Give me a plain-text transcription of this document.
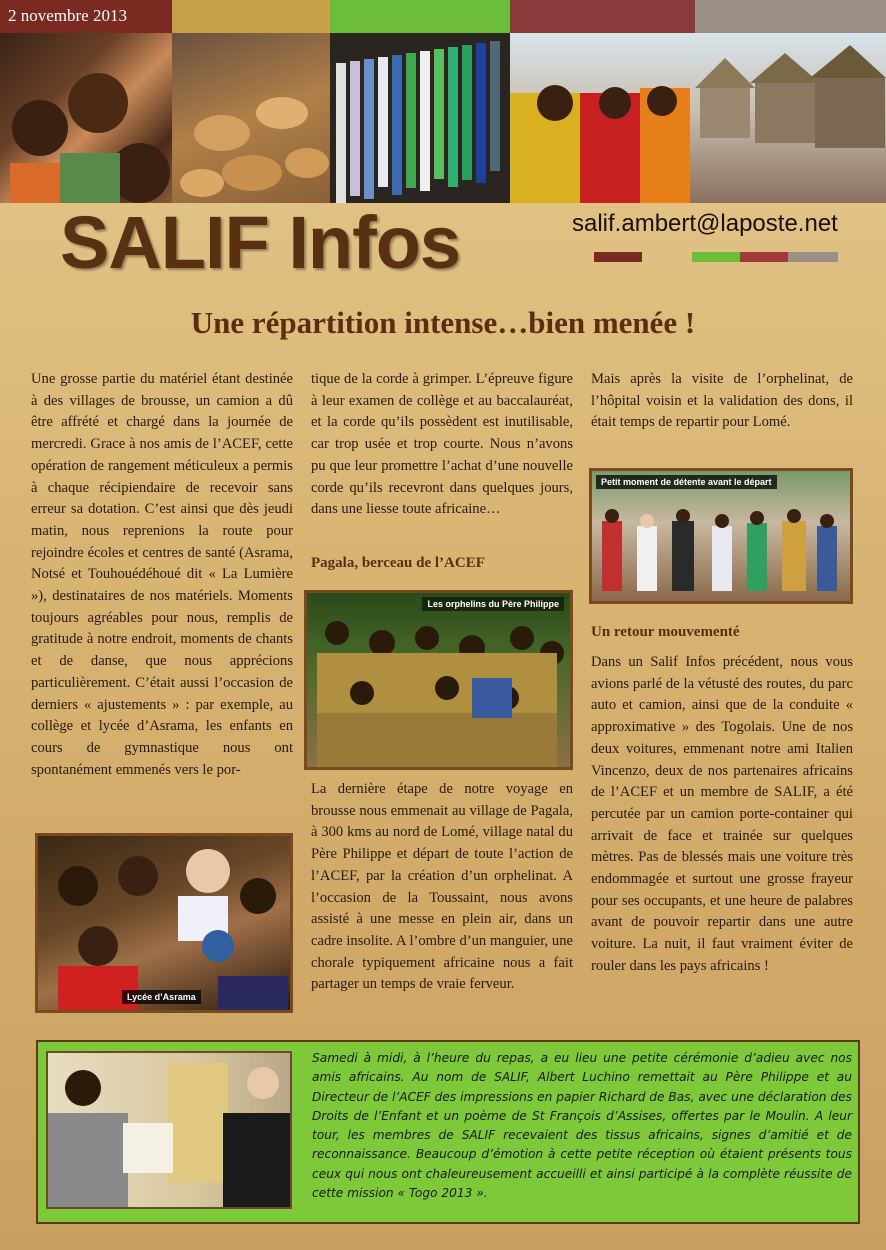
2 novembre 2013
SALIF Infos	salif.ambert@laposte.net
Une répartition intense…bien menée !

Une grosse partie du matériel étant destinée à des villages de brousse, un camion a dû être affrété et chargé dans la journée de mercredi. Grace à nos amis de l’ACEF, cette opération de rangement méticuleux a permis à chaque récipiendaire de recevoir sans erreur sa dotation. C’est ainsi que dès jeudi matin, nous reprenions la route pour rejoindre écoles et centres de santé (Asrama, Notsé et Touhouédéhoué dit « La Lumière »), destinataires de nos matériels. Moments toujours agréables pour nous, remplis de gratitude à notre endroit, moments de chants et de danse, que nous apprécions particulièrement. C’était aussi l’occasion de derniers « ajustements » : par exemple, au collège et lycée d’Asrama, les enfants en cours de gymnastique nous ont spontanément emmenés vers le por-

Lycée d’Asrama

tique de la corde à grimper. L’épreuve figure à leur examen de collège et au baccalauréat, et la corde qu’ils possèdent est inutilisable, car trop usée et trop courte. Nous n’avons pu que leur promettre l’achat d’une nouvelle corde qu’ils recevront dans quelques jours, dans une liesse toute africaine…

Pagala, berceau de l’ACEF
Les orphelins du Père Philippe

La dernière étape de notre voyage en brousse nous emmenait au village de Pagala, à 300 kms au nord de Lomé, village natal du Père Philippe et départ de toute l’action de l’ACEF, par la création d’un orphelinat. A l’occasion de la Toussaint, nous avons assisté à une messe en plein air, dans un cadre insolite. A l’ombre d’un manguier, une chorale typiquement africaine nous a fait partager un temps de vraie ferveur.

Mais après la visite de l’orphelinat, de l’hôpital voisin et la validation des dons, il était temps de repartir pour Lomé.

Petit moment de détente avant le départ
Un retour mouvementé

Dans un Salif Infos précédent, nous vous avions parlé de la vétusté des routes, du parc auto et camion, ainsi que de la conduite « approximative » des Togolais. Une de nos deux voitures, emmenant notre ami Italien Vincenzo, deux de nos partenaires africains de l’ACEF et un membre de SALIF, a été percutée par un camion porte-container qui arrivait de face et trainée sur quelques mètres. Pas de blessés mais une voiture très endommagée et surtout une grosse frayeur pour ses occupants, et une heure de palabres avant de pouvoir repartir dans une autre voiture. La nuit, il faut vraiment éviter de rouler dans les pays africains !

Samedi à midi, à l’heure du repas, a eu lieu une petite cérémonie d’adieu avec nos amis africains. Au nom de SALIF, Albert Luchino remettait au Père Philippe et au Directeur de l’ACEF des impressions en papier Richard de Bas, avec une déclaration des Droits de l’Enfant et un poème de St François d’Assises, offertes par le Moulin. A leur tour, les membres de SALIF recevaient des tissus africains, signes d’amitié et de reconnaissance. Beaucoup d’émotion à cette petite réception où étaient présents tous ceux qui nous ont chaleureusement accueilli et ainsi participé à la complète réussite de cette mission « Togo 2013 ».
